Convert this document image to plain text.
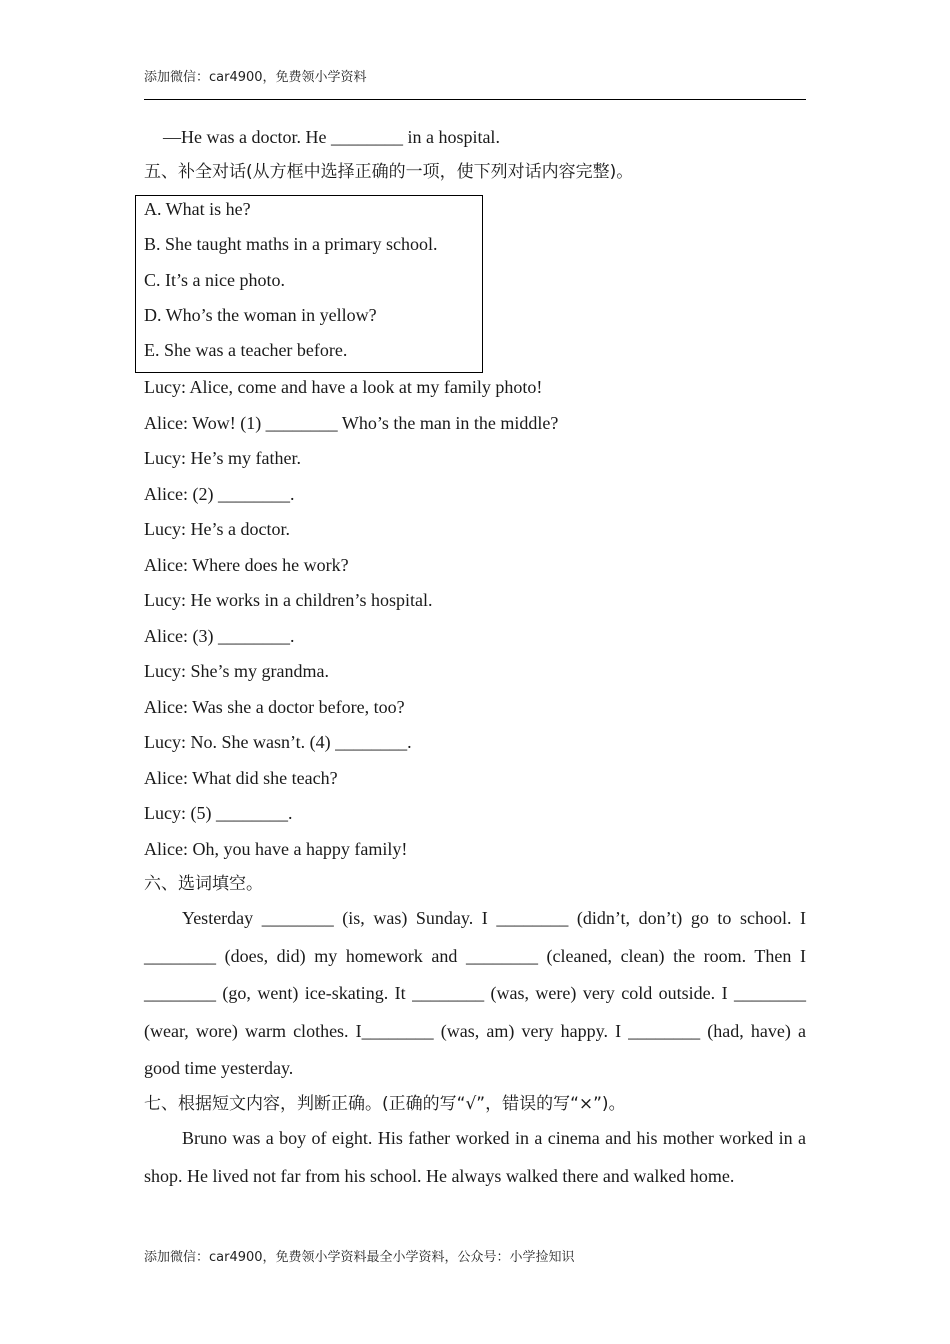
添加微信：car4900，免费领小学资料
—He was a doctor. He ________ in a hospital.
五、补全对话(从方框中选择正确的一项，使下列对话内容完整)。
A. What is he?
B. She taught maths in a primary school.
C. It’s a nice photo.
D. Who’s the woman in yellow?
E. She was a teacher before.
Lucy: Alice, come and have a look at my family photo!
Alice: Wow! (1) ________ Who’s the man in the middle?
Lucy: He’s my father.
Alice: (2) ________.
Lucy: He’s a doctor.
Alice: Where does he work?
Lucy: He works in a children’s hospital.
Alice: (3) ________.
Lucy: She’s my grandma.
Alice: Was she a doctor before, too?
Lucy: No. She wasn’t. (4) ________.
Alice: What did she teach?
Lucy: (5) ________.
Alice: Oh, you have a happy family!
六、选词填空。

Yesterday ________ (is, was) Sunday. I ________ (didn’t, don’t) go to school. I ________ (does, did) my homework and ________ (cleaned, clean) the room. Then I ________ (go, went) ice-skating. It ________ (was, were) very cold outside. I ________ (wear, wore) warm clothes. I________ (was, am) very happy. I ________ (had, have) a good time yesterday.

七、根据短文内容，判断正确。(正确的写“√”，错误的写“×”)。

Bruno was a boy of eight. His father worked in a cinema and his mother worked in a shop. He lived not far from his school. He always walked there and walked home.

添加微信：car4900，免费领小学资料最全小学资料，公众号：小学捡知识
